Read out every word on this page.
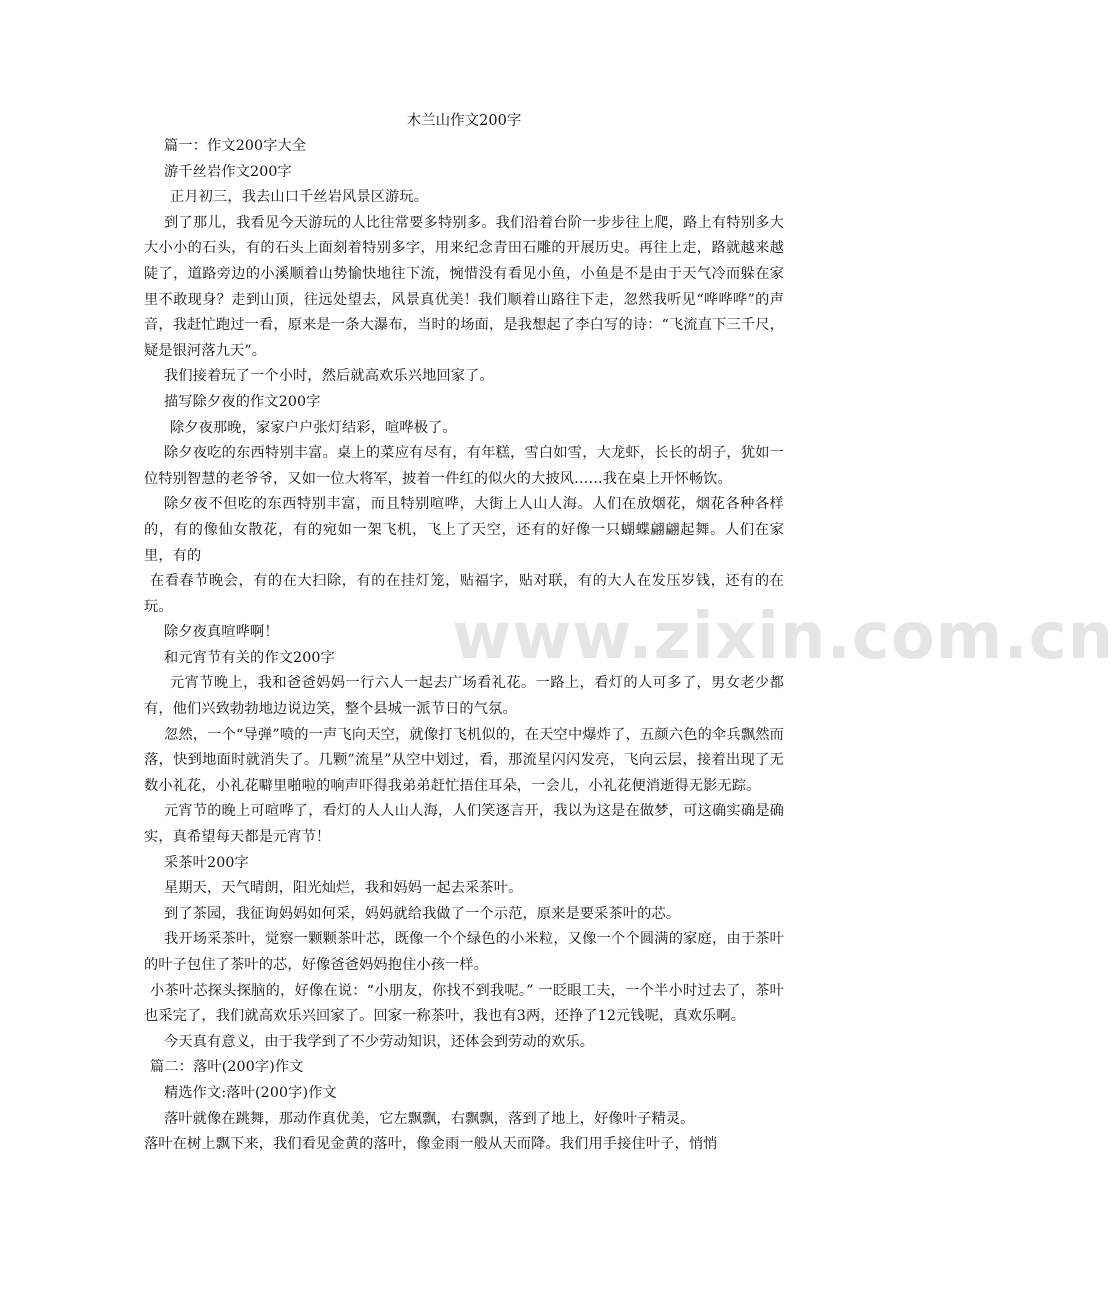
木兰山作文200字

篇一：作文200字大全

游千丝岩作文200字

正月初三，我去山口千丝岩风景区游玩。

到了那儿，我看见今天游玩的人比往常要多特别多。我们沿着台阶一步步往上爬，路上有特别多大大小小的石头，有的石头上面刻着特别多字，用来纪念青田石雕的开展历史。再往上走，路就越来越陡了，道路旁边的小溪顺着山势愉快地往下流，惋惜没有看见小鱼，小鱼是不是由于天气冷而躲在家里不敢现身？走到山顶，往远处望去，风景真优美！我们顺着山路往下走，忽然我听见“哗哗哗”的声音，我赶忙跑过一看，原来是一条大瀑布，当时的场面，是我想起了李白写的诗：“飞流直下三千尺，疑是银河落九天”。

我们接着玩了一个小时，然后就高欢乐兴地回家了。

描写除夕夜的作文200字

除夕夜那晚，家家户户张灯结彩，喧哗极了。

除夕夜吃的东西特别丰富。桌上的菜应有尽有，有年糕，雪白如雪，大龙虾，长长的胡子，犹如一位特别智慧的老爷爷，又如一位大将军，披着一件红的似火的大披风……我在桌上开怀畅饮。

除夕夜不但吃的东西特别丰富，而且特别喧哗，大街上人山人海。人们在放烟花，烟花各种各样的，有的像仙女散花，有的宛如一架飞机，飞上了天空，还有的好像一只蝴蝶翩翩起舞。人们在家里，有的

在看春节晚会，有的在大扫除，有的在挂灯笼，贴福字，贴对联，有的大人在发压岁钱，还有的在玩。

除夕夜真喧哗啊！

和元宵节有关的作文200字

元宵节晚上，我和爸爸妈妈一行六人一起去广场看礼花。一路上，看灯的人可多了，男女老少都有，他们兴致勃勃地边说边笑，整个县城一派节日的气氛。

忽然，一个“导弹”喷的一声飞向天空，就像打飞机似的，在天空中爆炸了，五颜六色的伞兵飘然而落，快到地面时就消失了。几颗”流星”从空中划过，看，那流星闪闪发亮，飞向云层，接着出现了无数小礼花，小礼花噼里啪啦的响声吓得我弟弟赶忙捂住耳朵，一会儿，小礼花便消逝得无影无踪。

元宵节的晚上可喧哗了，看灯的人人山人海，人们笑逐言开，我以为这是在做梦，可这确实确是确实，真希望每天都是元宵节！

采茶叶200字

星期天，天气晴朗，阳光灿烂，我和妈妈一起去采茶叶。

到了茶园，我征询妈妈如何采，妈妈就给我做了一个示范，原来是要采茶叶的芯。

我开场采茶叶，觉察一颗颗茶叶芯，既像一个个绿色的小米粒，又像一个个圆满的家庭，由于茶叶的叶子包住了茶叶的芯，好像爸爸妈妈抱住小孩一样。

小茶叶芯探头探脑的，好像在说：“小朋友，你找不到我呢。” 一眨眼工夫，一个半小时过去了，茶叶也采完了，我们就高欢乐兴回家了。回家一称茶叶，我也有3两，还挣了12元钱呢，真欢乐啊。

今天真有意义，由于我学到了不少劳动知识，还体会到劳动的欢乐。

篇二：落叶(200字)作文

精选作文:落叶(200字)作文

落叶就像在跳舞，那动作真优美，它左飘飘，右飘飘，落到了地上，好像叶子精灵。

落叶在树上飘下来，我们看见金黄的落叶，像金雨一般从天而降。我们用手接住叶子，悄悄

www.zixin.com.cn
